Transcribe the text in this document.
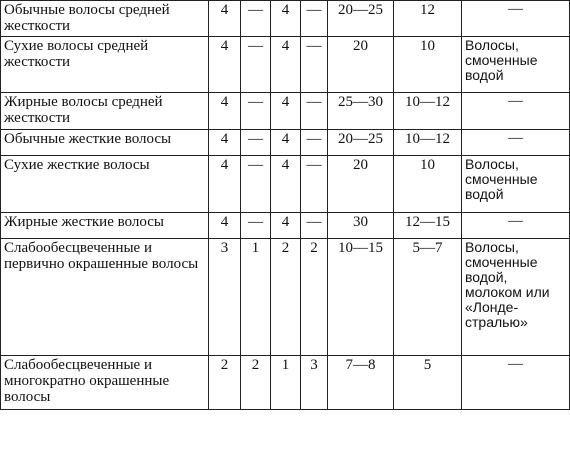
Обычные волосы средней жесткости	4	—	4	—	20—25	12	—
Сухие волосы средней жесткости	4	—	4	—	20	10	Волосы, смоченные водой
Жирные волосы средней жесткости	4	—	4	—	25—30	10—12	—
Обычные жесткие волосы	4	—	4	—	20—25	10—12	—
Сухие жесткие волосы	4	—	4	—	20	10	Волосы, смоченные водой
Жирные жесткие волосы	4	—	4	—	30	12—15	—
Слабообесцвеченные и первично окрашенные волосы	3	1	2	2	10—15	5—7	Волосы, смоченные водой, молоком или «Лонде-стралью»
Слабообесцвеченные и многократно окрашенные волосы	2	2	1	3	7—8	5	—
